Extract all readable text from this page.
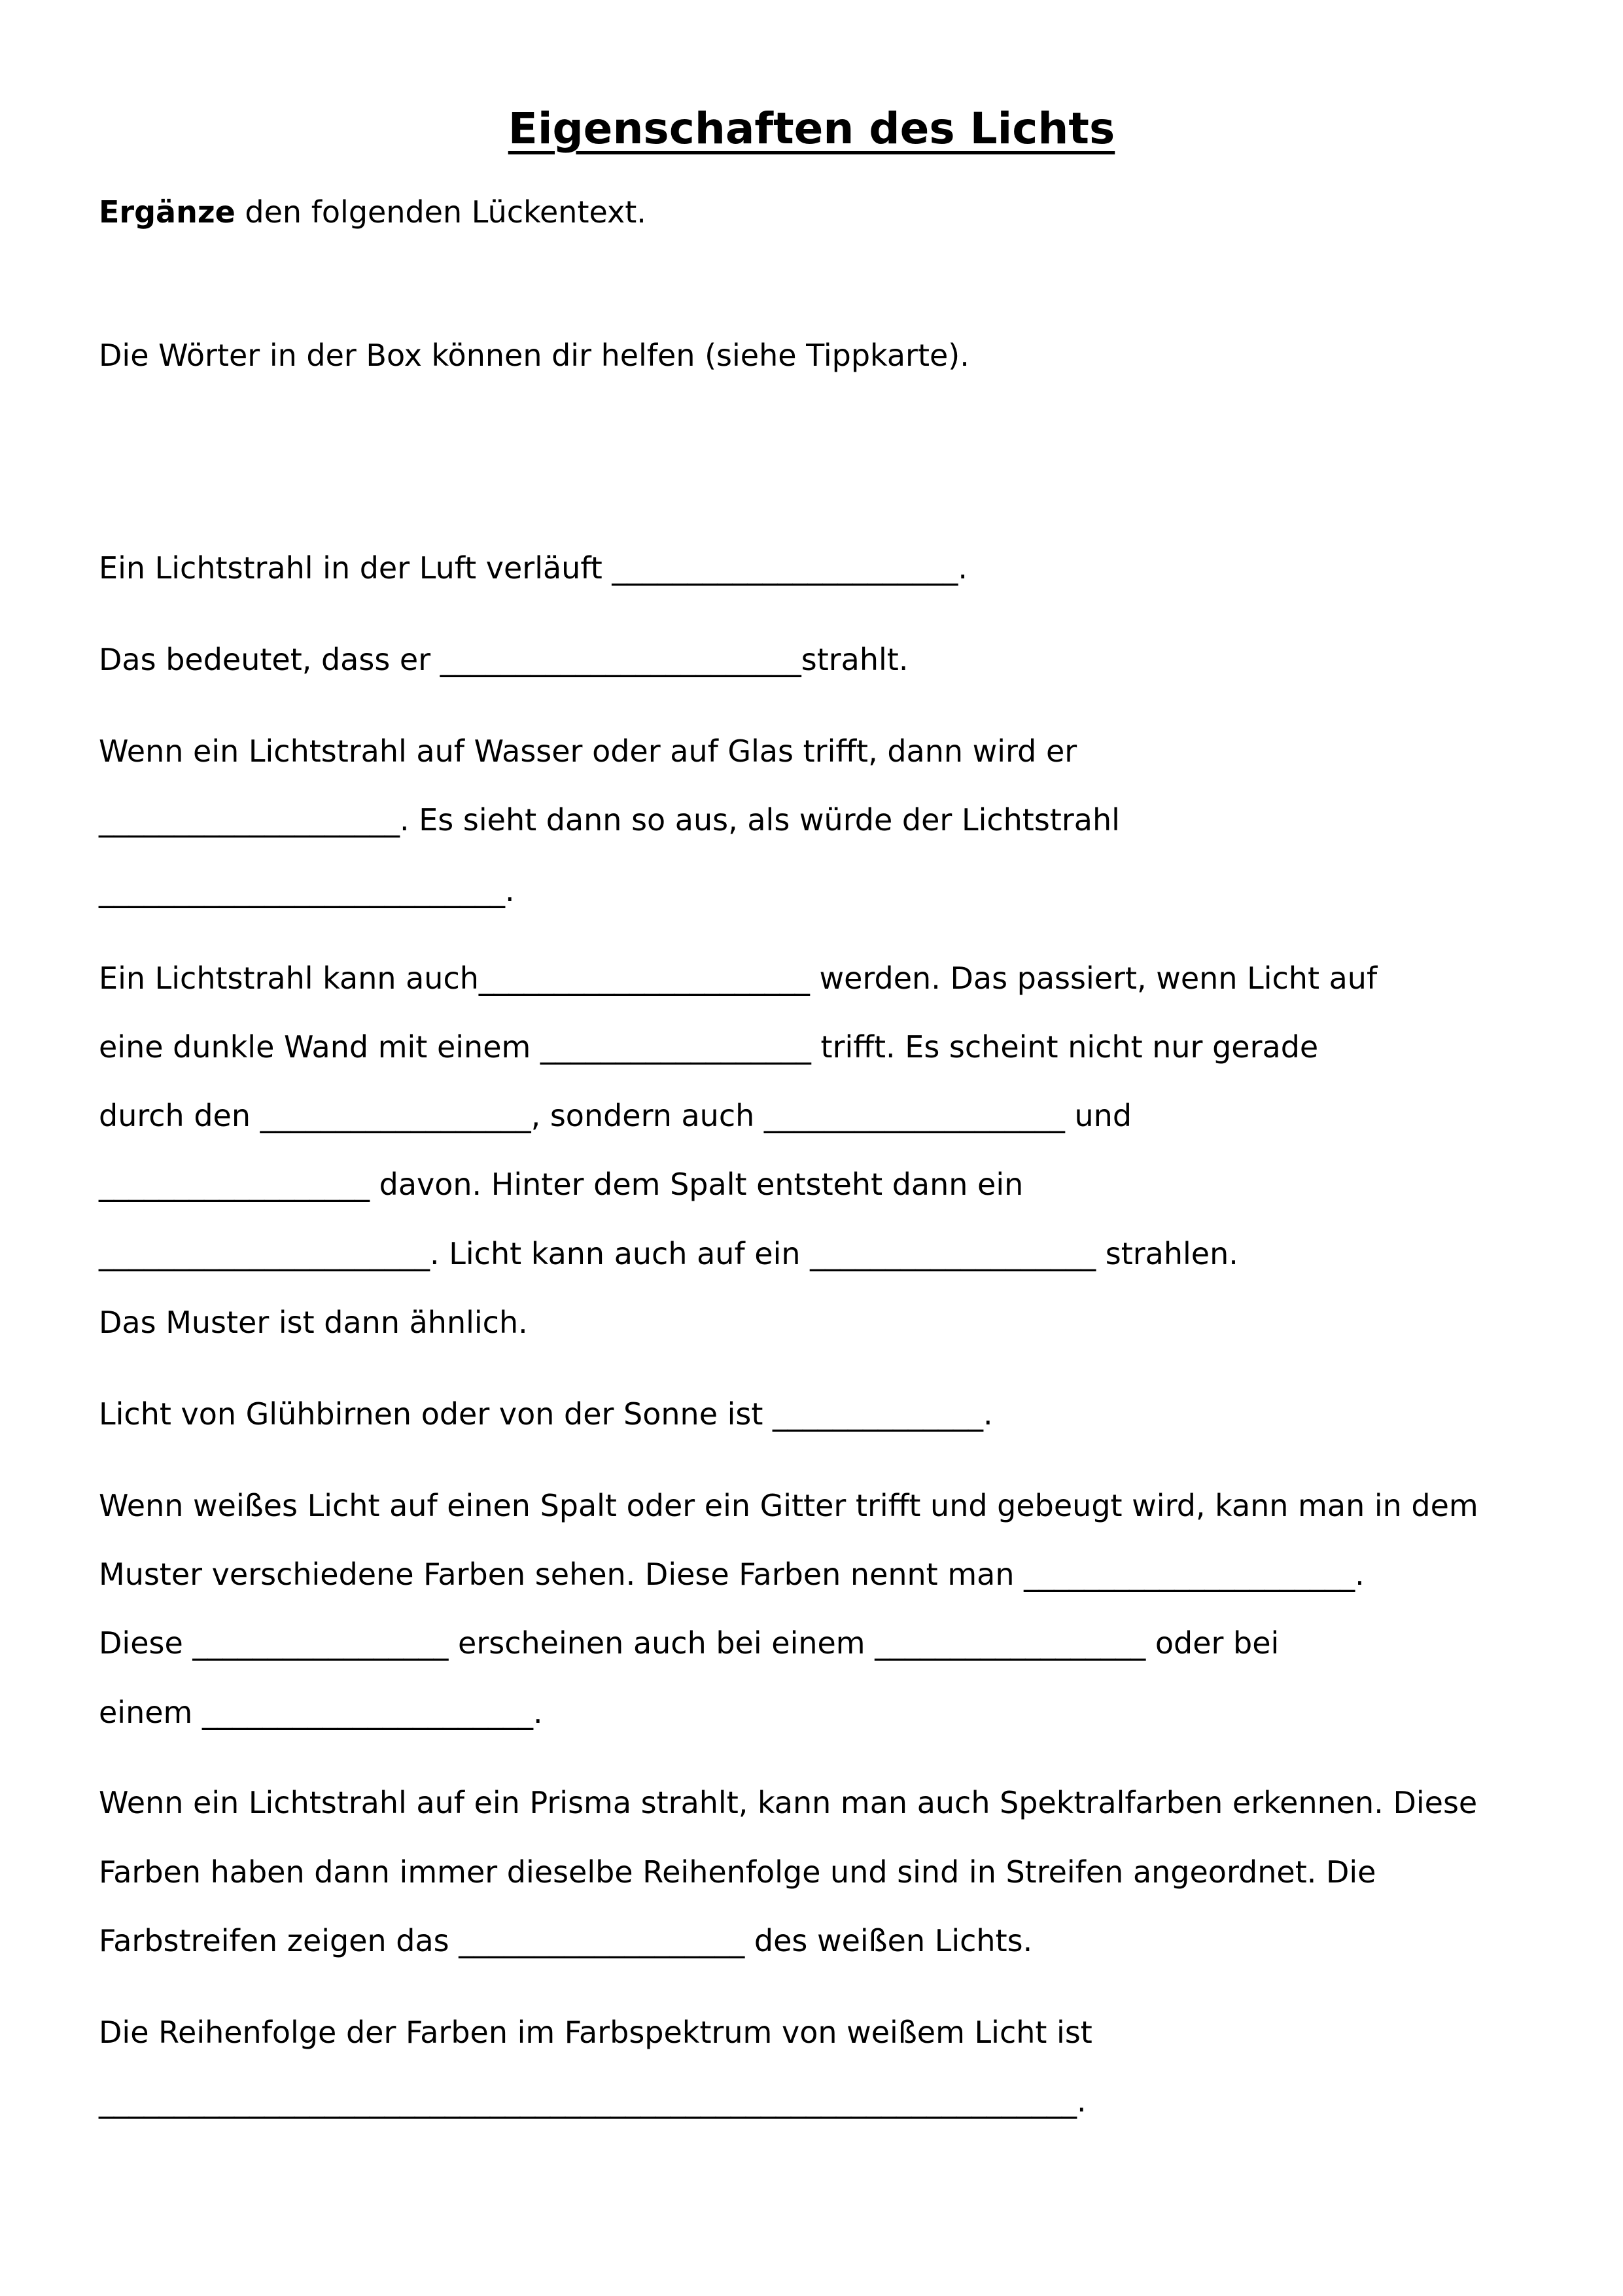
Eigenschaften des Lichts
Ergänze den folgenden Lückentext.
Die Wörter in der Box können dir helfen (siehe Tippkarte).
Ein Lichtstrahl in der Luft verläuft _______________________.
Das bedeutet, dass er ________________________strahlt.
Wenn ein Lichtstrahl auf Wasser oder auf Glas trifft, dann wird er
____________________. Es sieht dann so aus, als würde der Lichtstrahl
___________________________.
Ein Lichtstrahl kann auch______________________ werden. Das passiert, wenn Licht auf
eine dunkle Wand mit einem __________________ trifft. Es scheint nicht nur gerade
durch den __________________, sondern auch ____________________ und
__________________ davon. Hinter dem Spalt entsteht dann ein
______________________. Licht kann auch auf ein ___________________ strahlen.
Das Muster ist dann ähnlich.
Licht von Glühbirnen oder von der Sonne ist ______________.
Wenn weißes Licht auf einen Spalt oder ein Gitter trifft und gebeugt wird, kann man in dem
Muster verschiedene Farben sehen. Diese Farben nennt man ______________________.
Diese _________________ erscheinen auch bei einem __________________ oder bei
einem ______________________.
Wenn ein Lichtstrahl auf ein Prisma strahlt, kann man auch Spektralfarben erkennen. Diese
Farben haben dann immer dieselbe Reihenfolge und sind in Streifen angeordnet. Die
Farbstreifen zeigen das ___________________ des weißen Lichts.
Die Reihenfolge der Farben im Farbspektrum von weißem Licht ist
_________________________________________________________________.
